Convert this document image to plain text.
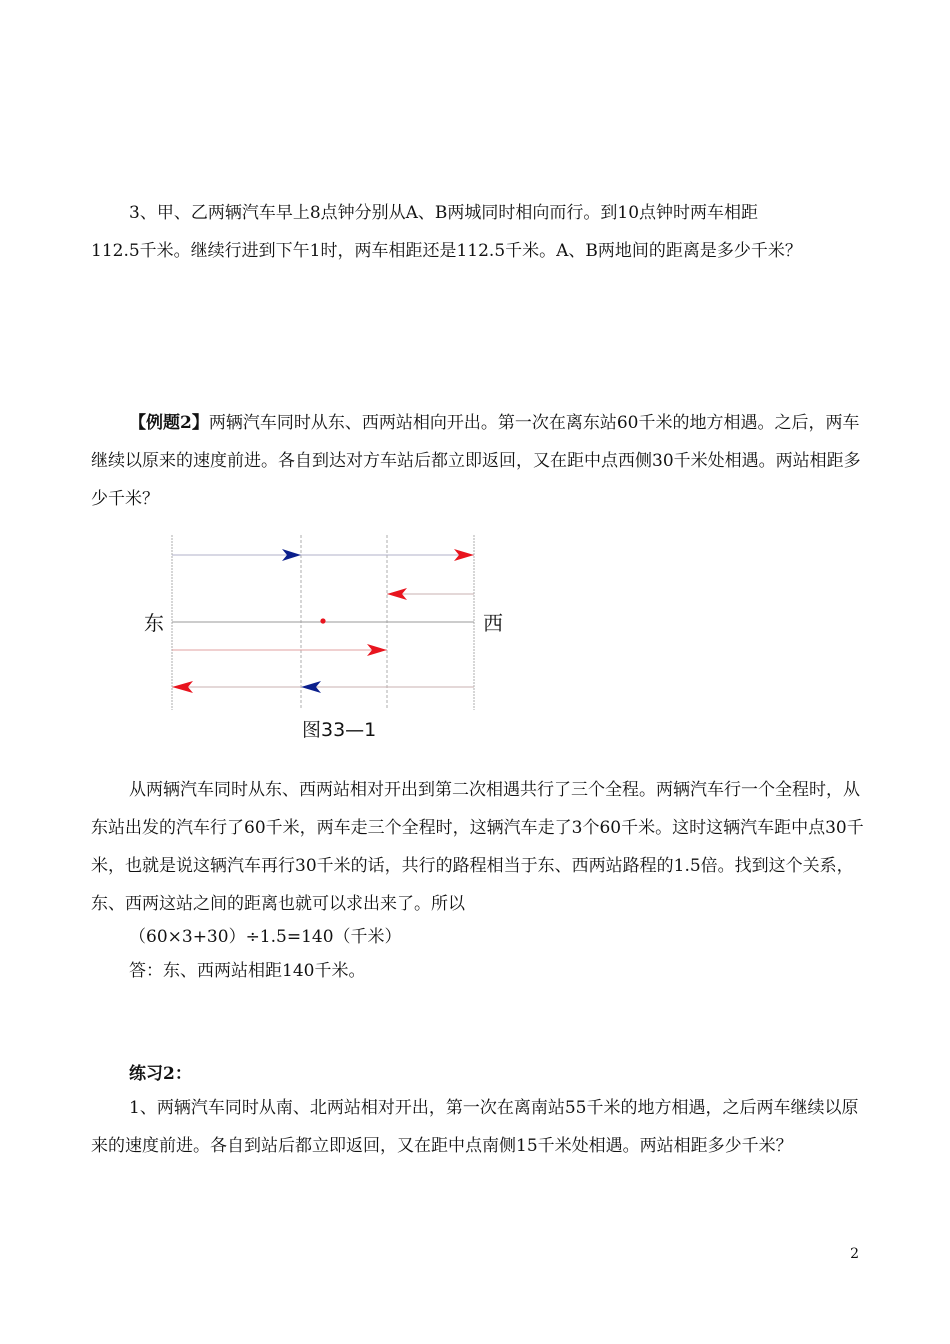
3、甲、乙两辆汽车早上8点钟分别从A、B两城同时相向而行。到10点钟时两车相距

112.5千米。继续行进到下午1时，两车相距还是112.5千米。A、B两地间的距离是多少千米？

【例题2】两辆汽车同时从东、西两站相向开出。第一次在离东站60千米的地方相遇。之后，两车继续以原来的速度前进。各自到达对方车站后都立即返回，又在距中点西侧30千米处相遇。两站相距多少千米？

东	西
图33—1

从两辆汽车同时从东、西两站相对开出到第二次相遇共行了三个全程。两辆汽车行一个全程时，从东站出发的汽车行了60千米，两车走三个全程时，这辆汽车走了3个60千米。这时这辆汽车距中点30千米，也就是说这辆汽车再行30千米的话，共行的路程相当于东、西两站路程的1.5倍。找到这个关系，东、西两这站之间的距离也就可以求出来了。所以

（60×3+30）÷1.5=140（千米）

答：东、西两站相距140千米。

练习2：

1、两辆汽车同时从南、北两站相对开出，第一次在离南站55千米的地方相遇，之后两车继续以原来的速度前进。各自到站后都立即返回，又在距中点南侧15千米处相遇。两站相距多少千米？

2
